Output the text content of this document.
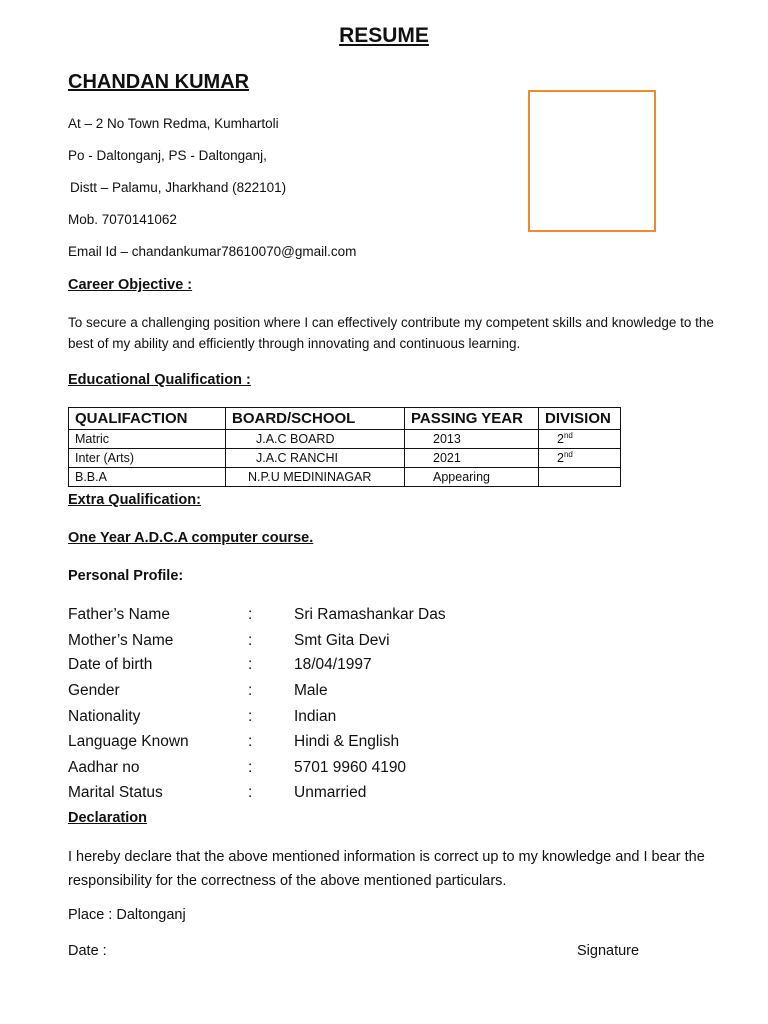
RESUME
CHANDAN KUMAR
At – 2 No Town Redma, Kumhartoli
Po - Daltonganj, PS - Daltonganj,
Distt – Palamu, Jharkhand (822101)
Mob. 7070141062
Email Id – chandankumar78610070@gmail.com
Career Objective :
To secure a challenging position where I can effectively contribute my competent skills and knowledge to the best of my ability and efficiently through innovating and continuous learning.
Educational Qualification :
QUALIFACTION	BOARD/SCHOOL	PASSING YEAR	DIVISION
Matric	J.A.C BOARD	2013	2nd
Inter (Arts)	J.A.C RANCHI	2021	2nd
B.B.A	N.P.U MEDININAGAR	Appearing	
Extra Qualification:
One Year A.D.C.A computer course.
Personal Profile:
Father’s Name	:	Sri Ramashankar Das
Mother’s Name	:	Smt Gita Devi
Date of birth	:	18/04/1997
Gender	:	Male
Nationality	:	Indian
Language Known	:	Hindi & English
Aadhar no	:	5701 9960 4190
Marital Status	:	Unmarried
Declaration
I hereby declare that the above mentioned information is correct up to my knowledge and I bear the responsibility for the correctness of the above mentioned particulars.
Place : Daltonganj
Date :	Signature
